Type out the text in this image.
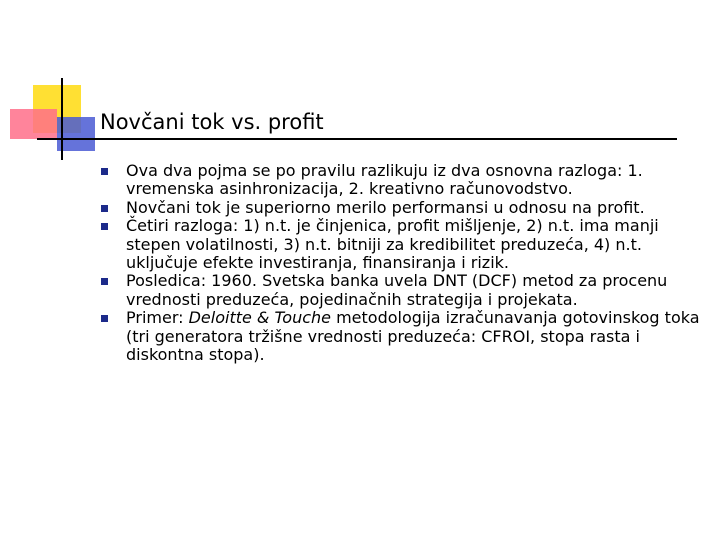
Novčani tok vs. profit
Ova dva pojma se po pravilu razlikuju iz dva osnovna razloga: 1. vremenska asinhronizacija, 2. kreativno računovodstvo.
Novčani tok je superiorno merilo performansi u odnosu na profit.
Četiri razloga: 1) n.t. je činjenica, profit mišljenje, 2) n.t. ima manji stepen volatilnosti, 3) n.t. bitniji za kredibilitet preduzeća, 4) n.t. uključuje efekte investiranja, finansiranja i rizik.
Posledica: 1960. Svetska banka uvela DNT (DCF) metod za procenu vrednosti preduzeća, pojedinačnih strategija i projekata.
Primer: Deloitte & Touche metodologija izračunavanja gotovinskog toka (tri generatora tržišne vrednosti preduzeća: CFROI, stopa rasta i diskontna stopa).
